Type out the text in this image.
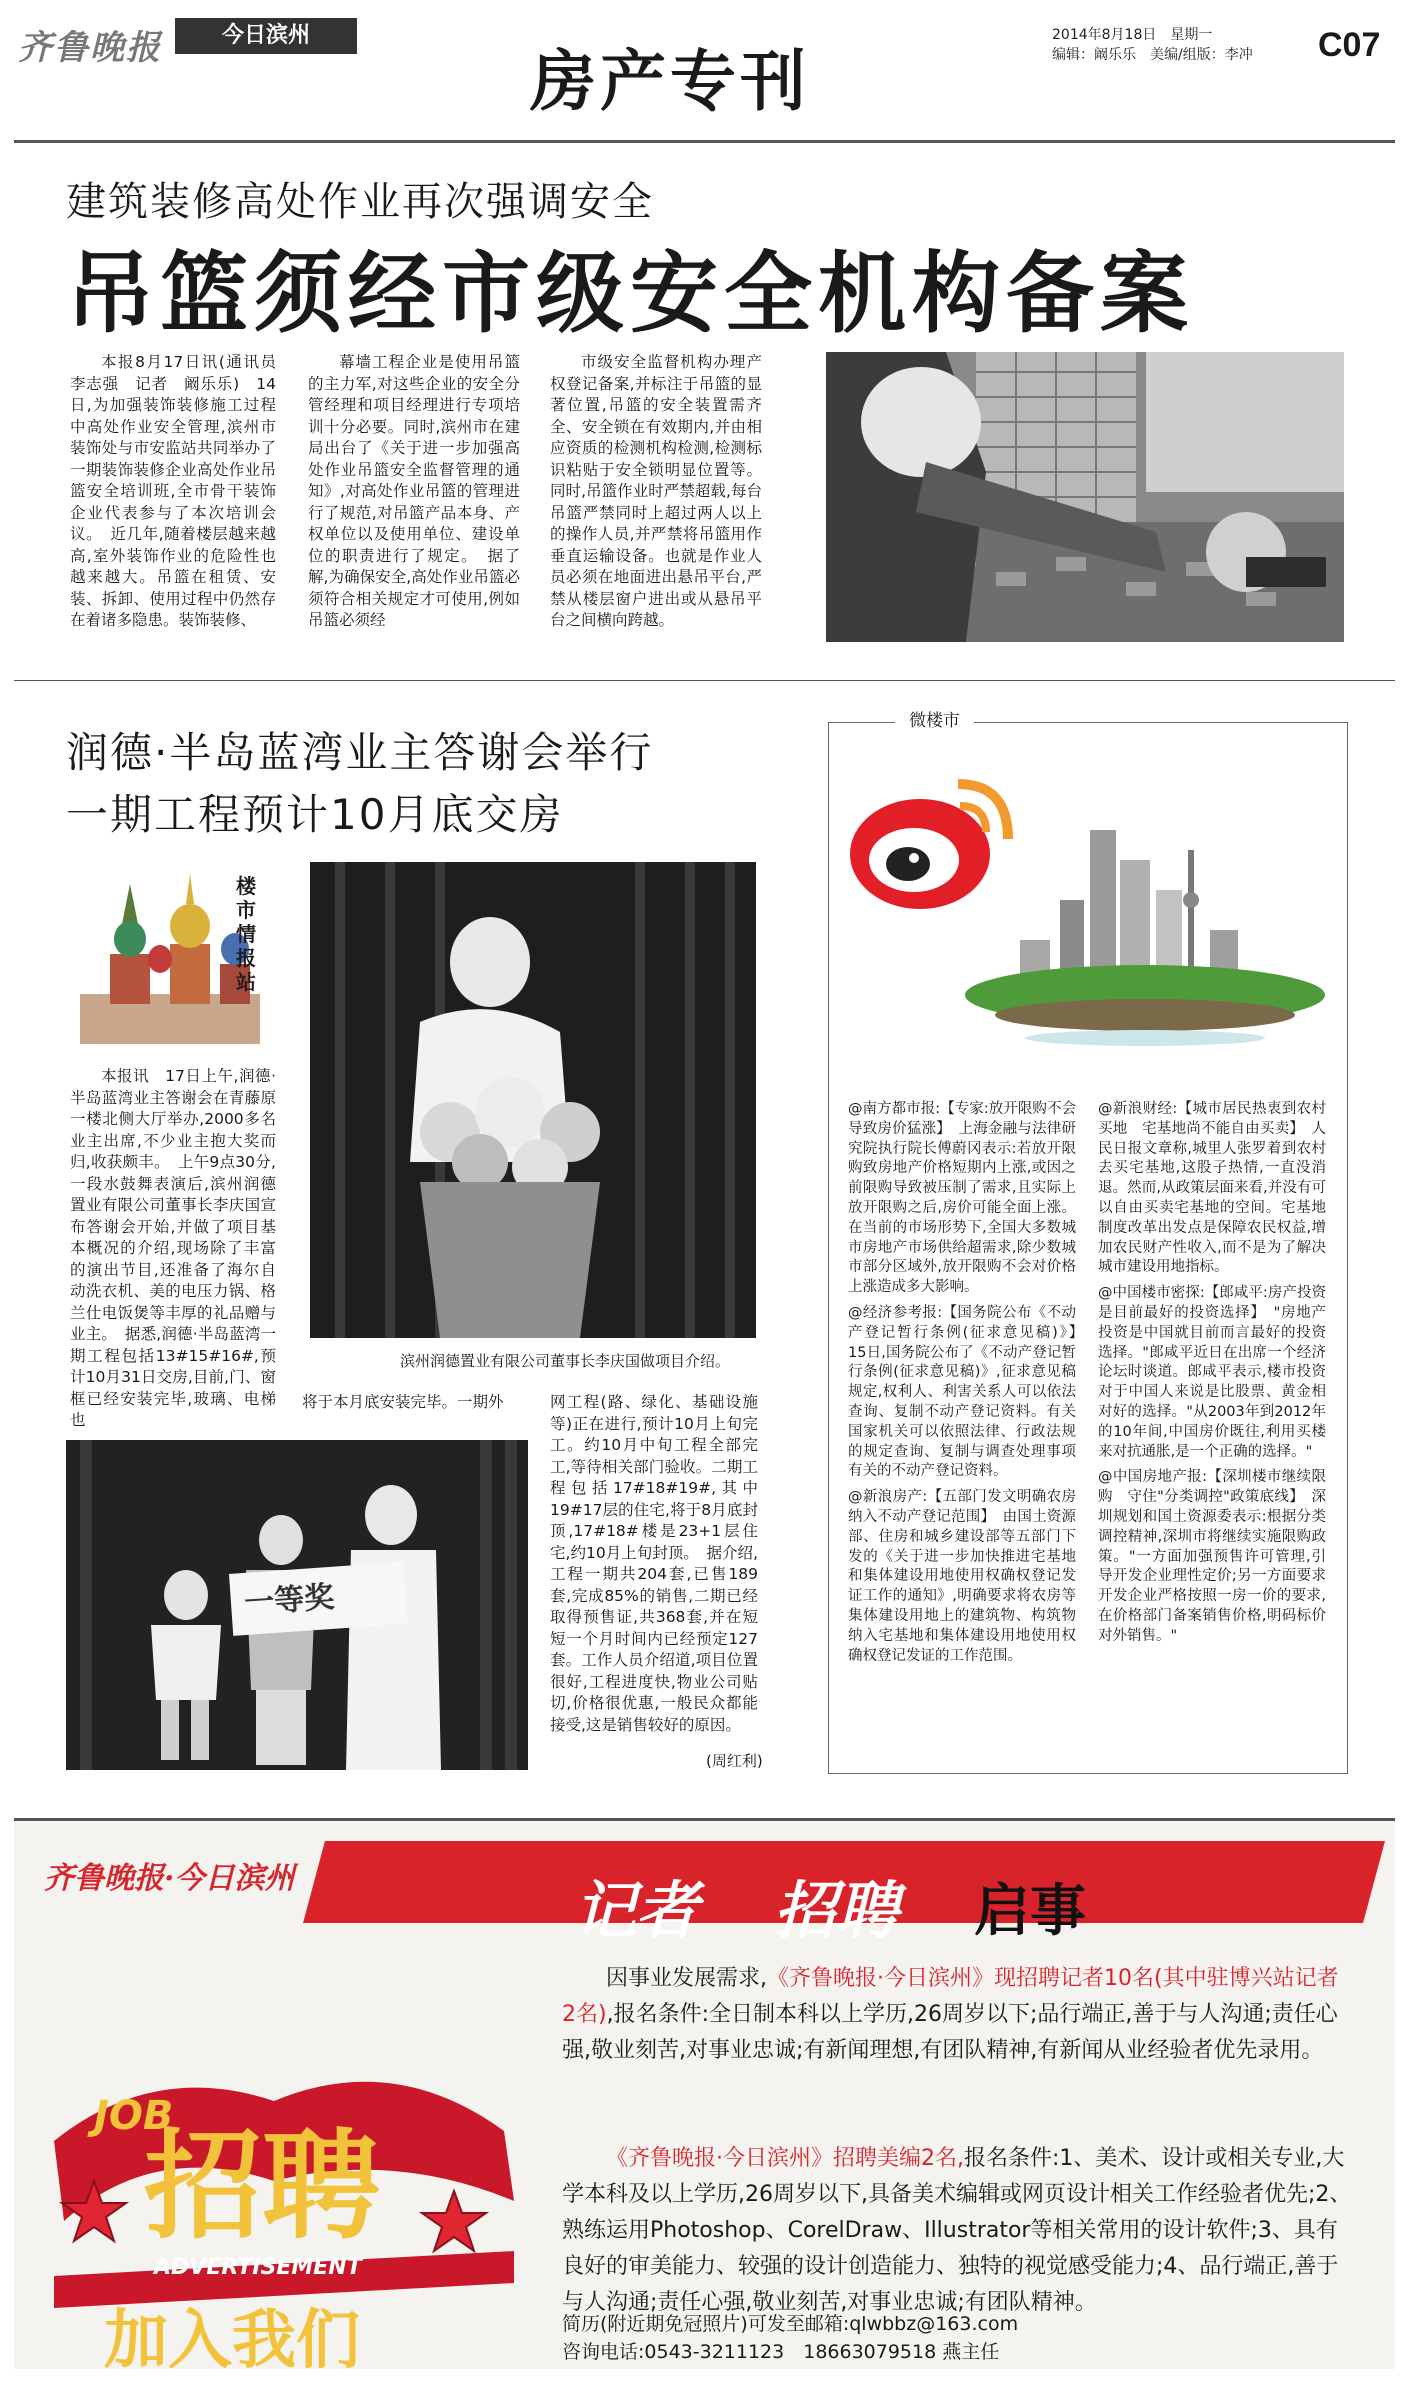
齐鲁晚报	今日滨州
房产专刊
2014年8月18日　星期一
编辑：阚乐乐　美编/组版：李冲 C07
建筑装修高处作业再次强调安全
吊篮须经市级安全机构备案

本报8月17日讯(通讯员 李志强　记者　阚乐乐)　14日,为加强装饰装修施工过程中高处作业安全管理,滨州市装饰处与市安监站共同举办了一期装饰装修企业高处作业吊篮安全培训班,全市骨干装饰企业代表参与了本次培训会议。　近几年,随着楼层越来越高,室外装饰作业的危险性也越来越大。吊篮在租赁、安装、拆卸、使用过程中仍然存在着诸多隐患。装饰装修、

幕墙工程企业是使用吊篮的主力军,对这些企业的安全分管经理和项目经理进行专项培训十分必要。同时,滨州市在建局出台了《关于进一步加强高处作业吊篮安全监督管理的通知》,对高处作业吊篮的管理进行了规范,对吊篮产品本身、产权单位以及使用单位、建设单位的职责进行了规定。　据了解,为确保安全,高处作业吊篮必须符合相关规定才可使用,例如吊篮必须经

市级安全监督机构办理产权登记备案,并标注于吊篮的显著位置,吊篮的安全装置需齐全、安全锁在有效期内,并由相应资质的检测机构检测,检测标识粘贴于安全锁明显位置等。同时,吊篮作业时严禁超载,每台吊篮严禁同时上超过两人以上的操作人员,并严禁将吊篮用作垂直运输设备。也就是作业人员必须在地面进出悬吊平台,严禁从楼层窗户进出或从悬吊平台之间横向跨越。

润德·半岛蓝湾业主答谢会举行
一期工程预计10月底交房
楼市情报站

本报讯　17日上午,润德·半岛蓝湾业主答谢会在青藤原一楼北侧大厅举办,2000多名业主出席,不少业主抱大奖而归,收获颇丰。　上午9点30分,一段水鼓舞表演后,滨州润德置业有限公司董事长李庆国宣布答谢会开始,并做了项目基本概况的介绍,现场除了丰富的演出节目,还准备了海尔自动洗衣机、美的电压力锅、格兰仕电饭煲等丰厚的礼品赠与业主。　据悉,润德·半岛蓝湾一期工程包括13#15#16#,预计10月31日交房,目前,门、窗框已经安装完毕,玻璃、电梯也

滨州润德置业有限公司董事长李庆国做项目介绍。

将于本月底安装完毕。一期外

一等奖

网工程(路、绿化、基础设施等)正在进行,预计10月上旬完工。约10月中旬工程全部完工,等待相关部门验收。二期工程包括17#18#19#,其中19#17层的住宅,将于8月底封顶,17#18#楼是23+1层住宅,约10月上旬封顶。　据介绍,工程一期共204套,已售189套,完成85%的销售,二期已经取得预售证,共368套,并在短短一个月时间内已经预定127套。工作人员介绍道,项目位置很好,工程进度快,物业公司贴切,价格很优惠,一般民众都能接受,这是销售较好的原因。

(周红利)
微楼市

@南方都市报:【专家:放开限购不会导致房价猛涨】　上海金融与法律研究院执行院长傅蔚冈表示:若放开限购致房地产价格短期内上涨,或因之前限购导致被压制了需求,且实际上放开限购之后,房价可能全面上涨。在当前的市场形势下,全国大多数城市房地产市场供给超需求,除少数城市部分区域外,放开限购不会对价格上涨造成多大影响。

@经济参考报:【国务院公布《不动产登记暂行条例(征求意见稿)》】　15日,国务院公布了《不动产登记暂行条例(征求意见稿)》,征求意见稿规定,权利人、利害关系人可以依法查询、复制不动产登记资料。有关国家机关可以依照法律、行政法规的规定查询、复制与调查处理事项有关的不动产登记资料。

@新浪房产:【五部门发文明确农房纳入不动产登记范围】　由国土资源部、住房和城乡建设部等五部门下发的《关于进一步加快推进宅基地和集体建设用地使用权确权登记发证工作的通知》,明确要求将农房等集体建设用地上的建筑物、构筑物纳入宅基地和集体建设用地使用权确权登记发证的工作范围。

@新浪财经:【城市居民热衷到农村买地　宅基地尚不能自由买卖】　人民日报文章称,城里人张罗着到农村去买宅基地,这股子热情,一直没消退。然而,从政策层面来看,并没有可以自由买卖宅基地的空间。宅基地制度改革出发点是保障农民权益,增加农民财产性收入,而不是为了解决城市建设用地指标。

@中国楼市密探:【郎咸平:房产投资是目前最好的投资选择】　"房地产投资是中国就目前而言最好的投资选择。"郎咸平近日在出席一个经济论坛时谈道。郎咸平表示,楼市投资对于中国人来说是比股票、黄金相对好的选择。"从2003年到2012年的10年间,中国房价既往,利用买楼来对抗通胀,是一个正确的选择。"

@中国房地产报:【深圳楼市继续限购　守住"分类调控"政策底线】　深圳规划和国土资源委表示:根据分类调控精神,深圳市将继续实施限购政策。"一方面加强预售许可管理,引导开发企业理性定价;另一方面要求开发企业严格按照一房一价的要求,在价格部门备案销售价格,明码标价对外销售。"

齐鲁晚报·今日滨州	记者 招聘 启事
JOB
招聘
ADVERTISEMENT
加入我们
因事业发展需求,《齐鲁晚报·今日滨州》现招聘记者10名(其中驻博兴站记者2名),报名条件:全日制本科以上学历,26周岁以下;品行端正,善于与人沟通;责任心强,敬业刻苦,对事业忠诚;有新闻理想,有团队精神,有新闻从业经验者优先录用。
《齐鲁晚报·今日滨州》招聘美编2名,报名条件:1、美术、设计或相关专业,大学本科及以上学历,26周岁以下,具备美术编辑或网页设计相关工作经验者优先;2、熟练运用Photoshop、CorelDraw、Illustrator等相关常用的设计软件;3、具有良好的审美能力、较强的设计创造能力、独特的视觉感受能力;4、品行端正,善于与人沟通;责任心强,敬业刻苦,对事业忠诚;有团队精神。
简历(附近期免冠照片)可发至邮箱:qlwbbz@163.com
咨询电话:0543-3211123　18663079518 燕主任
